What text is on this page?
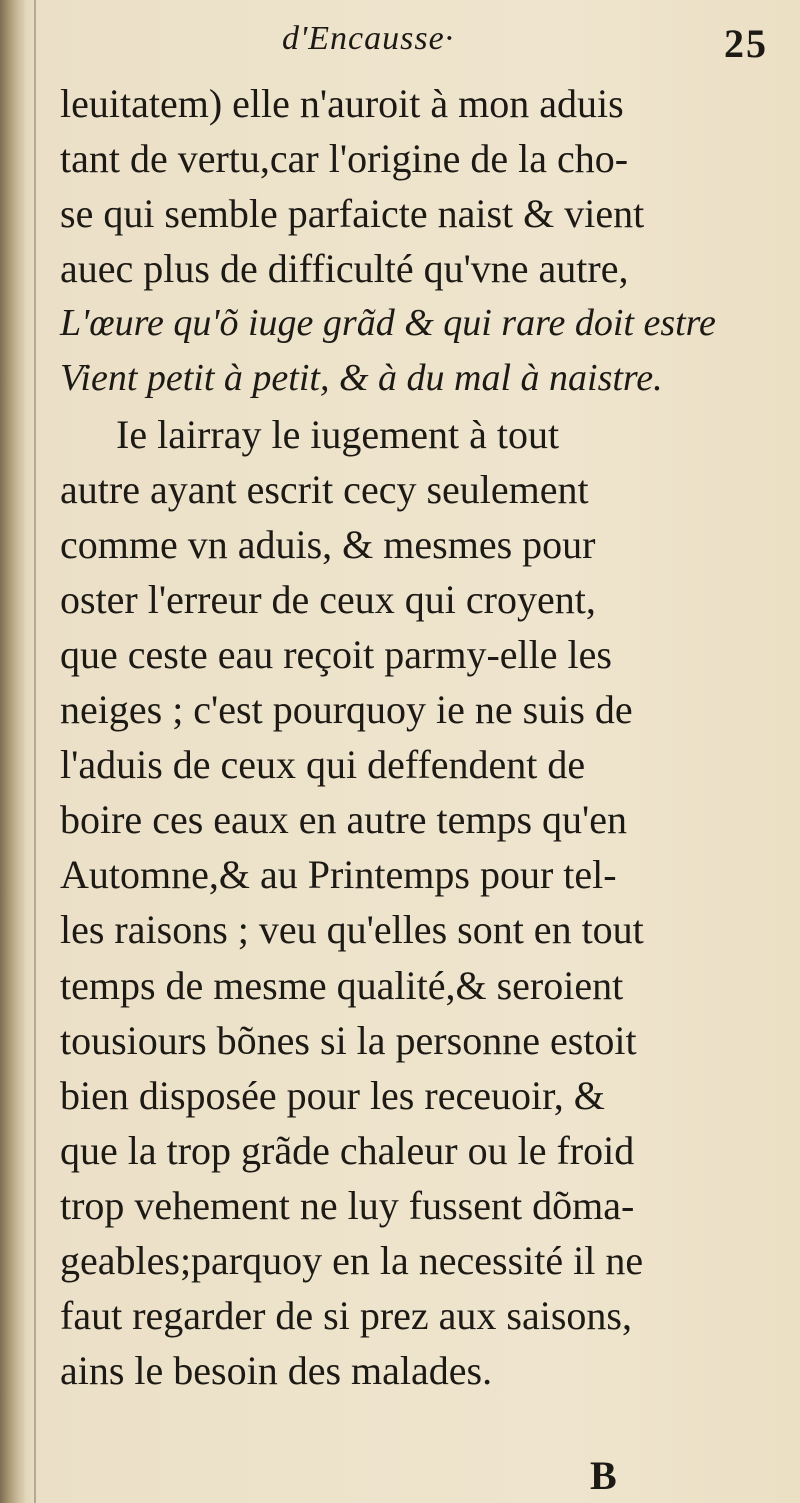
d'Encausse·	25
leuitatem) elle n'auroit à mon aduis
tant de vertu,car l'origine de la cho-
se qui semble parfaicte naist & vient
auec plus de difficulté qu'vne autre,
L'œure qu'õ iuge grãd & qui rare doit estre
Vient petit à petit, & à du mal à naistre.
Ie lairray le iugement à tout
autre ayant escrit cecy seulement
comme vn aduis, & mesmes pour
oster l'erreur de ceux qui croyent,
que ceste eau reçoit parmy-elle les
neiges ; c'est pourquoy ie ne suis de
l'aduis de ceux qui deffendent de
boire ces eaux en autre temps qu'en
Automne,& au Printemps pour tel-
les raisons ; veu qu'elles sont en tout
temps de mesme qualité,& seroient
tousiours bõnes si la personne estoit
bien disposée pour les receuoir, &
que la trop grãde chaleur ou le froid
trop vehement ne luy fussent dõma-
geables;parquoy en la necessité il ne
faut regarder de si prez aux saisons,
ains le besoin des malades.
B
